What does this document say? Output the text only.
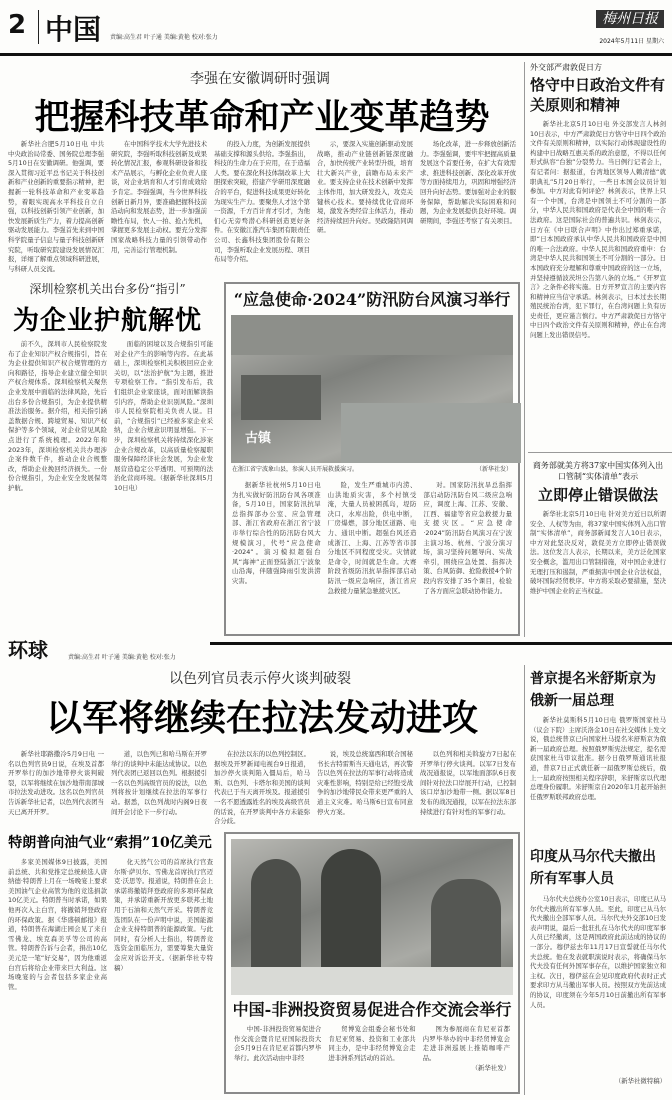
2 中国 责编:高生君 叶子通 美编:黄艳 校对:张力
梅州日报
2024年5月11日 星期六
李强在安徽调研时强调
把握科技革命和产业变革趋势

新华社合肥5月10日电 中共中央政治局常委、国务院总理李强5月10日在安徽调研。他强调，要深入贯彻习近平总书记关于科技创新和产业创新的重要指示精神，把握新一轮科技革命和产业变革趋势，着眼实现高水平科技自立自强，以科技创新引领产业创新，加快发展新质生产力，着力提高创新驱动发展能力。李强首先来到中国科学院量子信息与量子科技创新研究院，听取研究院建设发展情况汇报，详细了解重点领域科研进展，与科研人员交流。

在中国科学技术大学先进技术研究院，李强听取科技创新及成果转化情况汇报，参观科研设备和技术产品展示，与孵化企业负责人座谈，对企业培育和人才引育成效给予肯定。李强强调，当今世界科技创新日新月异，要准确把握科技前沿动向和发展态势，进一步加强前瞻性布局，快人一拍、抢占先机，掌握更多发展主动权。要充分发挥国家战略科技力量的引领带动作用，完善运行管理机制。

的投入力度，为创新发展提供基础支撑和源头供给。李强指出，科技的生命力在于应用，在于造福人类。要在深化科技体制改革上大胆探索突破，搭建产学研用深度融合的平台，促进科技成果更好转化为现实生产力。要聚焦人才这个第一资源，千方百计育才引才，为他们心无旁骛潜心科研创造更好条件。在安徽江淮汽车集团有限责任公司、长鑫科技集团股份有限公司，李强听取企业发展历程、项目布局等介绍。

示，要深入实施创新驱动发展战略，推动产业链创新链深度融合，加快传统产业转型升级，培育壮大新兴产业，前瞻布局未来产业。要支持企业在技术创新中发挥主体作用，加大研发投入，攻克关键核心技术。要持续优化营商环境，激发各类经营主体活力，推动经济持续回升向好。吴政隆陪同调研。

场化改革，进一步释放创新活力。李强强调，要牢牢把握高质量发展这个首要任务，在扩大有效需求、推进科技创新、深化改革开放等方面持续用力，巩固和增强经济回升向好态势。要加强对企业的服务保障，帮助解决实际困难和问题，为企业发展提供良好环境。调研期间，李强还考察了有关项目。

深圳检察机关出台多份“指引”
为企业护航解忧

前不久，深圳市人民检察院发布了企业知识产权合规指引，旨在为企业提供知识产权合规管理的方向和路径，指导企业建立健全知识产权合规体系。深圳检察机关聚焦企业发展中面临的法律风险，先后出台多份合规指引，为企业提供精准法治服务。据介绍，相关指引涵盖数据合规、跨境贸易、知识产权保护等多个领域，对企业常见风险点进行了系统梳理。2022年和2023年，深圳检察机关共办理涉企案件数千件，推动企业合规整改，帮助企业挽回经济损失。一份份合规指引，为企业安全发展保驾护航。

面临的困境以及合规指引可能对企业产生的影响等内容。在此基础上，深圳检察机关积极回应企业关切，以“法治护航”为主题，推进专项检察工作。“指引发布后，我们组织企业家座谈，面对面解读指引内容，帮助企业识别风险。”深圳市人民检察院相关负责人说。目前，“合规指引”已经被多家企业采纳，企业合规意识明显增强。下一步，深圳检察机关将持续深化涉案企业合规改革，以高质量检察履职服务保障经济社会发展，为企业发展营造稳定公平透明、可预期的法治化营商环境。（据新华社深圳5月10日电）

“应急使命·2024”防汛防台风演习举行
古镇
在浙江省宁波象山县，参演人员开展救援演习。	（新华社发）

据新华社杭州5月10日电 为扎实做好防汛防台风各项准备，5月10日，国家防汛抗旱总指挥部办公室、应急管理部、浙江省政府在浙江省宁波市举行综合性的防汛防台风大规模演习，代号“应急使命·2024”。演习模拟超强台风“海神”正面登陆浙江宁波象山沿海，伴随强降雨引发洪涝灾害。

险，发生严重城市内涝、山洪地质灾害，多个村镇受淹，大量人员被困孤岛，堤防决口，水库出险，供电中断，厂房爆燃，部分地区道路、电力、通讯中断。超强台风还造成浙江、上海、江苏等省市部分地区不同程度受灾。灾情就是命令，时间就是生命。大赛阶段省级防汛抗旱指挥部启动防汛一级应急响应，浙江省应急救援力量紧急驰援灾区。

对。国家防汛抗旱总指挥部启动防汛防台风二级应急响应，调度上海、江苏、安徽、江西、福建等省应急救援力量支援灾区。“应急使命·2024”防汛防台风演习在宁波主演习场、杭州、宁波分演习场，演习坚持问题导向、实战牵引，围绕应急处置、指挥决策、台风防御、抢险救援4个阶段内容安排了35个课目，检验了各方面应急联动协作能力。

外交部严肃敦促日方
恪守中日政治文件有关原则和精神

新华社北京5月10日电 外交部发言人林剑10日表示，中方严肃敦促日方恪守中日四个政治文件有关原则和精神，以实际行动体现建设性的构建中日战略互惠关系的政治意愿，不得以任何形式纵容“台独”分裂势力。当日例行记者会上，有记者问：据报道，台湾地区领导人赖清德“就职典礼”5月20日举行，一些日本国会议员计划参加。中方对此有何评论？林剑表示，世界上只有一个中国，台湾是中国领土不可分割的一部分，中华人民共和国政府是代表全中国的唯一合法政府。这是国际社会的普遍共识。林剑表示，日方在《中日联合声明》中作出过郑重承诺，即“日本国政府承认中华人民共和国政府是中国的唯一合法政府。中华人民共和国政府重申：台湾是中华人民共和国领土不可分割的一部分。日本国政府充分理解和尊重中国政府的这一立场，并坚持遵循波茨坦公告第八条的立场。”《开罗宣言》之条件必将实施。日方开罗宣言的主要内容和精神应当信守承诺。林剑表示，日本过去长期殖民统治台湾，犯下罪行，在台湾问题上负有历史责任，更应谨言慎行。中方严肃敦促日方恪守中日四个政治文件有关原则和精神，停止在台湾问题上发出错误信号。

商务部就美方将37家中国实体列入出口管制“实体清单”表示
立即停止错误做法

新华社北京5月10日电 针对美方近日以所谓安全、人权等为由，将37家中国实体列入出口管制“实体清单”，商务部新闻发言人10日表示，中方对此坚决反对，敦促美方立即停止错误做法。这位发言人表示，长期以来，美方泛化国家安全概念，滥用出口管制措施，对中国企业进行无理打压和遏制，严重损害中国企业合法权益，破坏国际经贸秩序。中方将采取必要措施，坚决维护中国企业的正当权益。

环球	责编:高生君 叶子通 美编:黄艳 校对:张力
以色列官员表示停火谈判破裂
以军将继续在拉法发动进攻

新华社耶路撒冷5月9日电 一名以色列官员9日说，在埃及首都开罗举行的加沙地带停火谈判破裂，以军将继续在加沙地带南部城市拉法发动进攻。这名以色列官员告诉新华社记者，以色列代表团当天已离开开罗。

道，以色列已和哈马斯在开罗举行的谈判中未能达成协议。以色列代表团已返回以色列。根据援引一名以色列高级官员的说法，以色列将按计划继续在拉法的军事行动。据悉，以色列战时内阁9日夜间开会讨论下一步行动。

在拉法以东的以色列控制区。据埃及开罗新闻电视台9日报道，加沙停火谈判陷入僵局后，哈马斯、以色列、卡塔尔和美国的谈判代表已于当天离开埃及。报道援引一名不愿透露姓名的埃及高级官员的话说，在开罗谈判中各方未能弥合分歧。

说，埃及总统塞西和联合国秘书长古特雷斯当天通电话，再次警告以色列在拉法的军事行动将造成灾难性影响，特别是给已经饱受战争的加沙地带民众带来更严重的人道主义灾难。哈马斯6日宣布同意停火方案。

以色列和相关斡旋方7日起在开罗举行停火谈判。以军7日发布战况通报说，以军地面部队6日夜间针对拉法口岸展开行动，已控制该口岸加沙地带一侧。据以军8日发布的战况通报，以军在拉法东部持续进行有针对性的军事行动。

特朗普向油气业“索捐”10亿美元

多家美国媒体9日披露，美国前总统、共和党推定总统候选人唐纳德·特朗普上月在一场晚宴上要求美国油气企业高管为他的竞选捐款10亿美元。特朗普当时承诺，如果他再次入主白宫，将撤销拜登政府的环保政策。据《华盛顿邮报》报道，特朗普在海湖庄园会见了来自雪佛龙、埃克森美孚等公司的高管。特朗普告诉与会者，捐出10亿美元是一笔“好交易”，因为他重返白宫后将给企业带来巨大利益。这场晚宴的与会者包括多家企业高管。

化天然气公司的首席执行官查尔斯·萨贝尔、雪佛龙首席执行官迈克·沃思等。报道说，特朗普在会上承诺将撤销拜登政府的多项环保政策，并承诺重新开放更多联邦土地用于石油和天然气开采。特朗普竞选团队在一份声明中说，美国能源企业支持特朗普的能源政策。与此同时，有分析人士指出，特朗普竞选资金面临压力，需要筹集大量资金应对诉讼开支。（据新华社专特稿）

中国-非洲投资贸易促进合作交流会举行

中国-非洲投资贸易促进合作交流会暨肯尼亚国际投资大会5月9日在肯尼亚首都内罗毕举行。此次活动由中非经

贸博览会组委会秘书处和肯尼亚贸易、投资和工业部共同主办，是中非经贸博览会走进非洲系列活动的首站。

图为参展商在肯尼亚首都内罗毕举办的中非经贸博览会走进非洲巡展上推销咖啡产品。

（新华社发）
普京提名米舒斯京为俄新一届总理

新华社莫斯科5月10日电 俄罗斯国家杜马（议会下院）主席沃洛金10日在社交媒体上发文说，俄总统普京已向国家杜马提名米舒斯京为俄新一届政府总理。按照俄罗斯宪法规定，提名需获国家杜马审议批准。据今日俄罗斯通讯社报道，普京7日正式就任新一届俄罗斯总统后，俄上一届政府按照相关程序辞职，米舒斯京以代理总理身份履职。米舒斯京自2020年1月起开始担任俄罗斯联邦政府总理。

印度从马尔代夫撤出所有军事人员

马尔代夫总统办公室10日表示，印度已从马尔代夫撤出所有军事人员。至此，印度已从马尔代夫撤出全部军事人员。马尔代夫外交部10日发表声明说，最后一批驻扎在马尔代夫的印度军事人员已经撤离，这是两国政府此前达成的协议的一部分。穆伊兹去年11月17日宣誓就任马尔代夫总统。他在发表就职演说时表示，将确保马尔代夫没有任何外国军事存在，以维护国家独立和主权。次日，穆伊兹在会见印度政府代表时正式要求印方从马撤出军事人员。按照双方先前达成的协议，印度须在今年5月10日前撤出所有军事人员。

（新华社微特稿）
